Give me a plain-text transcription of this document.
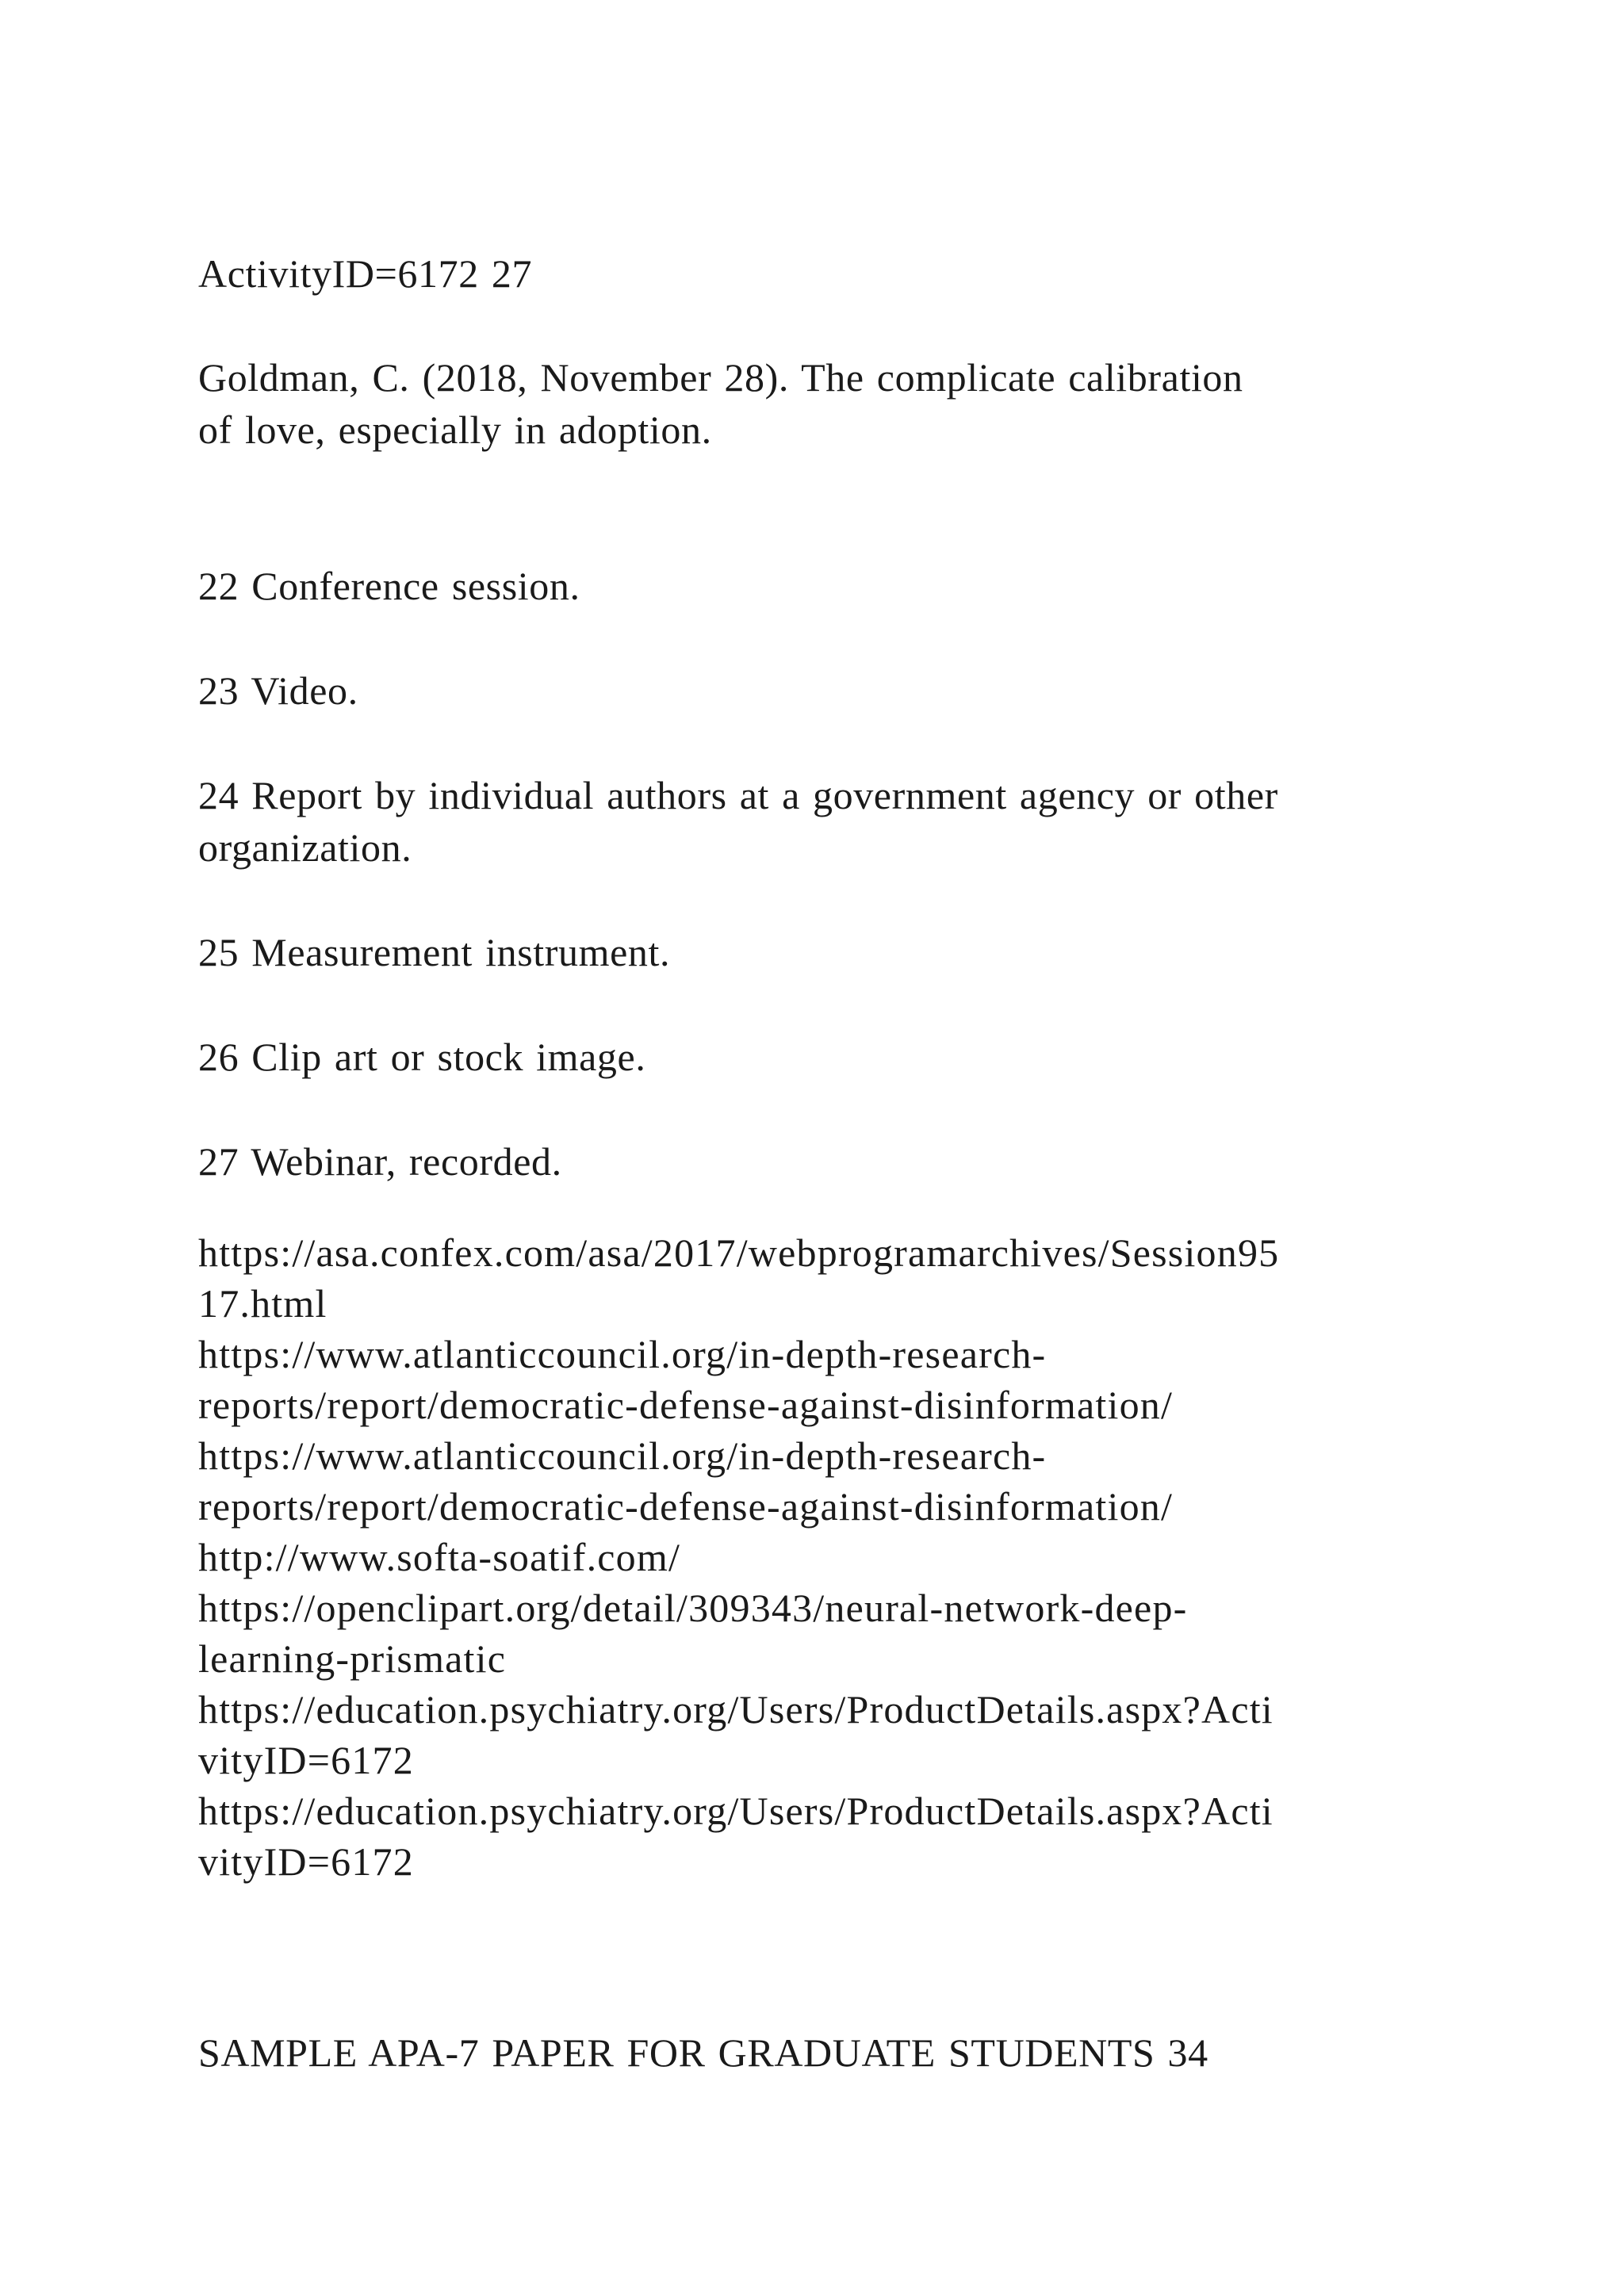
ActivityID=6172 27

Goldman, C. (2018, November 28). The complicate calibration
of love, especially in adoption.

22 Conference session.

23 Video.

24 Report by individual authors at a government agency or other
organization.

25 Measurement instrument.

26 Clip art or stock image.

27 Webinar, recorded.

https://asa.confex.com/asa/2017/webprogramarchives/Session95
17.html
https://www.atlanticcouncil.org/in-depth-research-
reports/report/democratic-defense-against-disinformation/
https://www.atlanticcouncil.org/in-depth-research-
reports/report/democratic-defense-against-disinformation/
http://www.softa-soatif.com/
https://openclipart.org/detail/309343/neural-network-deep-
learning-prismatic
https://education.psychiatry.org/Users/ProductDetails.aspx?Acti
vityID=6172
https://education.psychiatry.org/Users/ProductDetails.aspx?Acti
vityID=6172

SAMPLE APA-7 PAPER FOR GRADUATE STUDENTS 34
